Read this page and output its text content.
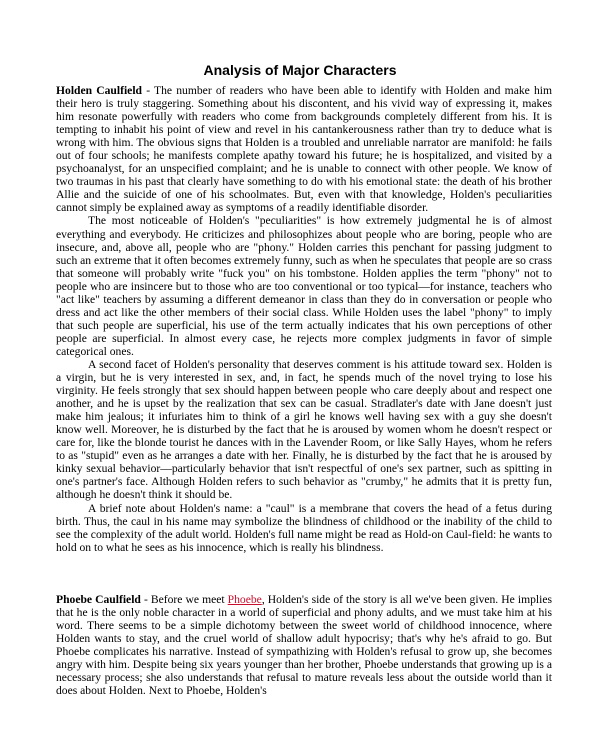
Analysis of Major Characters

Holden Caulfield - The number of readers who have been able to identify with Holden and make him their hero is truly staggering. Something about his discontent, and his vivid way of expressing it, makes him resonate powerfully with readers who come from backgrounds completely different from his. It is tempting to inhabit his point of view and revel in his cantankerousness rather than try to deduce what is wrong with him. The obvious signs that Holden is a troubled and unreliable narrator are manifold: he fails out of four schools; he manifests complete apathy toward his future; he is hospitalized, and visited by a psychoanalyst, for an unspecified complaint; and he is unable to connect with other people. We know of two traumas in his past that clearly have something to do with his emotional state: the death of his brother Allie and the suicide of one of his schoolmates. But, even with that knowledge, Holden's peculiarities cannot simply be explained away as symptoms of a readily identifiable disorder.

The most noticeable of Holden's "peculiarities" is how extremely judgmental he is of almost everything and everybody. He criticizes and philosophizes about people who are boring, people who are insecure, and, above all, people who are "phony." Holden carries this penchant for passing judgment to such an extreme that it often becomes extremely funny, such as when he speculates that people are so crass that someone will probably write "fuck you" on his tombstone. Holden applies the term "phony" not to people who are insincere but to those who are too conventional or too typical—for instance, teachers who "act like" teachers by assuming a different demeanor in class than they do in conversation or people who dress and act like the other members of their social class. While Holden uses the label "phony" to imply that such people are superficial, his use of the term actually indicates that his own perceptions of other people are superficial. In almost every case, he rejects more complex judgments in favor of simple categorical ones.

A second facet of Holden's personality that deserves comment is his attitude toward sex. Holden is a virgin, but he is very interested in sex, and, in fact, he spends much of the novel trying to lose his virginity. He feels strongly that sex should happen between people who care deeply about and respect one another, and he is upset by the realization that sex can be casual. Stradlater's date with Jane doesn't just make him jealous; it infuriates him to think of a girl he knows well having sex with a guy she doesn't know well. Moreover, he is disturbed by the fact that he is aroused by women whom he doesn't respect or care for, like the blonde tourist he dances with in the Lavender Room, or like Sally Hayes, whom he refers to as "stupid" even as he arranges a date with her. Finally, he is disturbed by the fact that he is aroused by kinky sexual behavior—particularly behavior that isn't respectful of one's sex partner, such as spitting in one's partner's face. Although Holden refers to such behavior as "crumby," he admits that it is pretty fun, although he doesn't think it should be.

A brief note about Holden's name: a "caul" is a membrane that covers the head of a fetus during birth. Thus, the caul in his name may symbolize the blindness of childhood or the inability of the child to see the complexity of the adult world. Holden's full name might be read as Hold-on Caul-field: he wants to hold on to what he sees as his innocence, which is really his blindness.

Phoebe Caulfield - Before we meet Phoebe, Holden's side of the story is all we've been given. He implies that he is the only noble character in a world of superficial and phony adults, and we must take him at his word. There seems to be a simple dichotomy between the sweet world of childhood innocence, where Holden wants to stay, and the cruel world of shallow adult hypocrisy; that's why he's afraid to go. But Phoebe complicates his narrative. Instead of sympathizing with Holden's refusal to grow up, she becomes angry with him. Despite being six years younger than her brother, Phoebe understands that growing up is a necessary process; she also understands that refusal to mature reveals less about the outside world than it does about Holden. Next to Phoebe, Holden's
